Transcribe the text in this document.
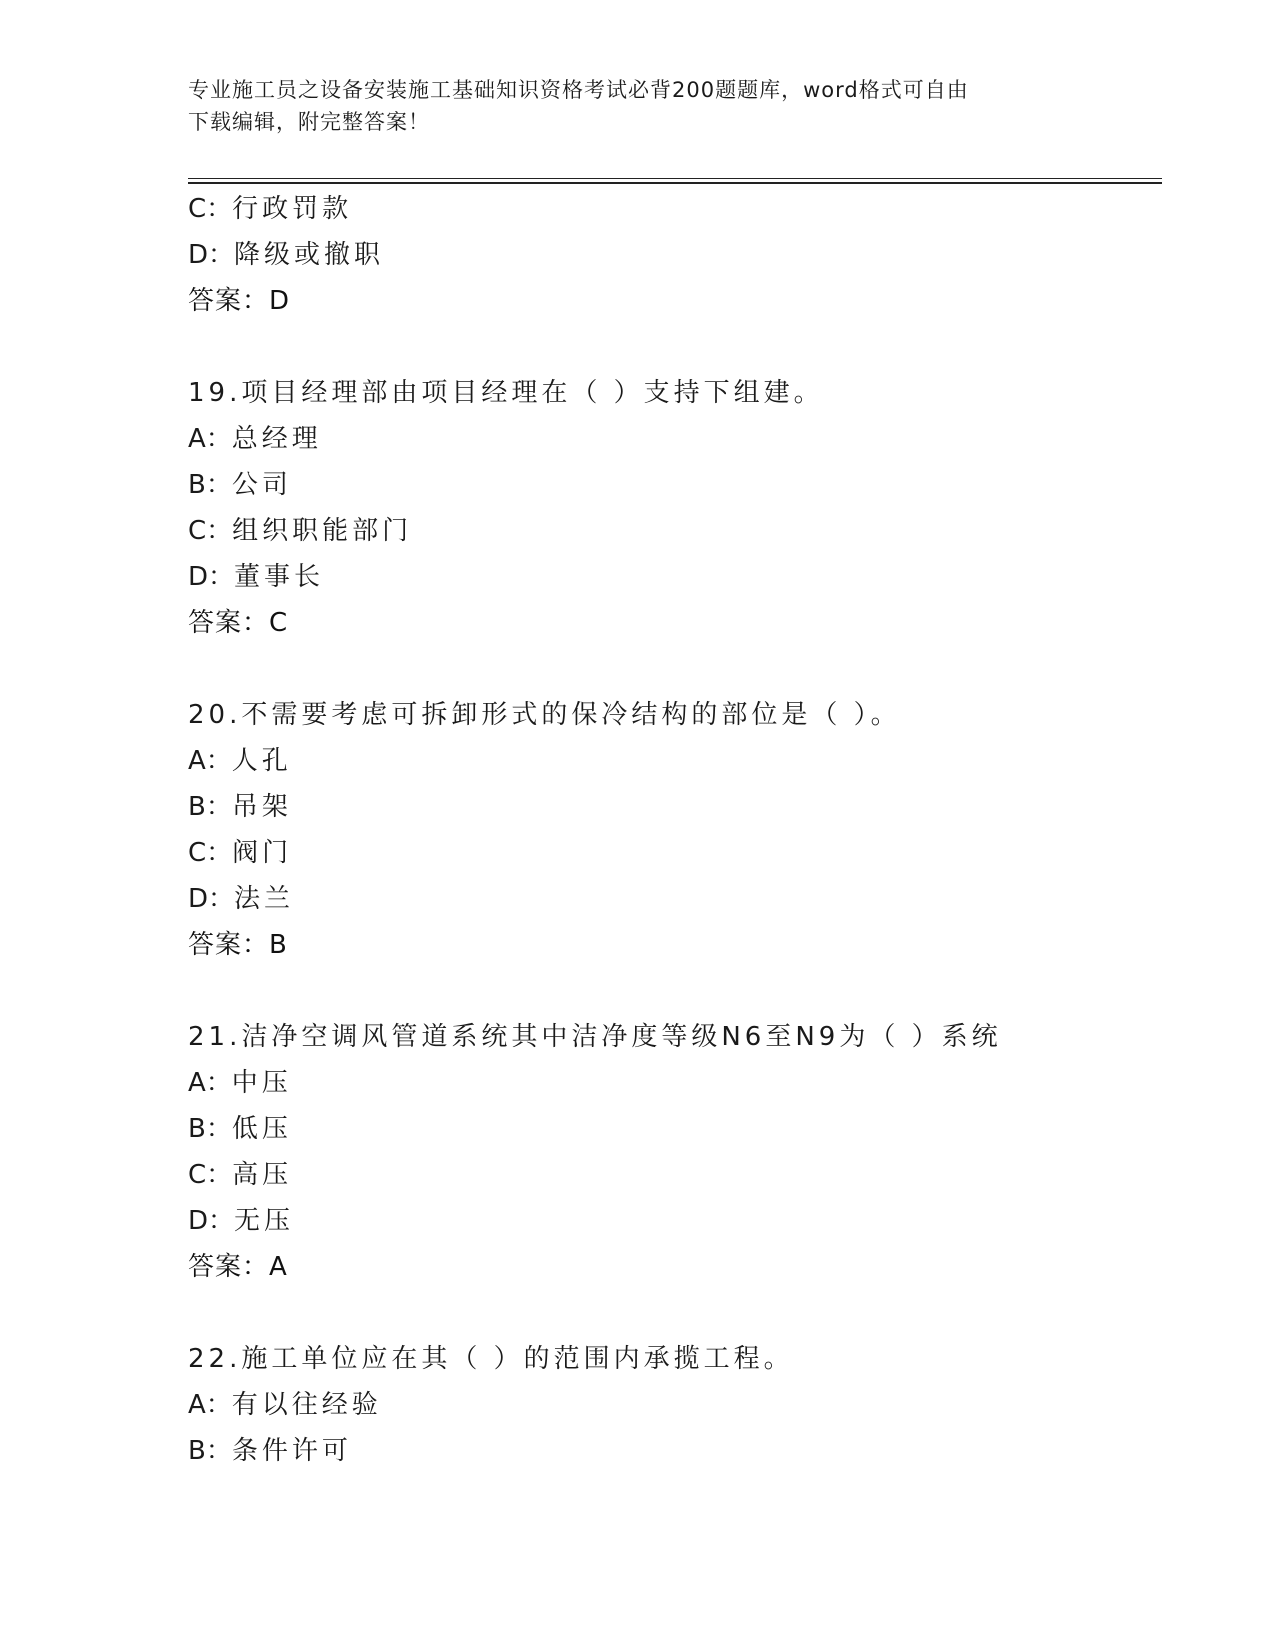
专业施工员之设备安装施工基础知识资格考试必背200题题库，word格式可自由
下载编辑，附完整答案！
C：行政罚款
D：降级或撤职
答案：D
19.项目经理部由项目经理在（ ）支持下组建。
A：总经理
B：公司
C：组织职能部门
D：董事长
答案：C
20.不需要考虑可拆卸形式的保冷结构的部位是（ ）。
A：人孔
B：吊架
C：阀门
D：法兰
答案：B
21.洁净空调风管道系统其中洁净度等级N6至N9为（ ）系统
A：中压
B：低压
C：高压
D：无压
答案：A
22.施工单位应在其（ ）的范围内承揽工程。
A：有以往经验
B：条件许可
